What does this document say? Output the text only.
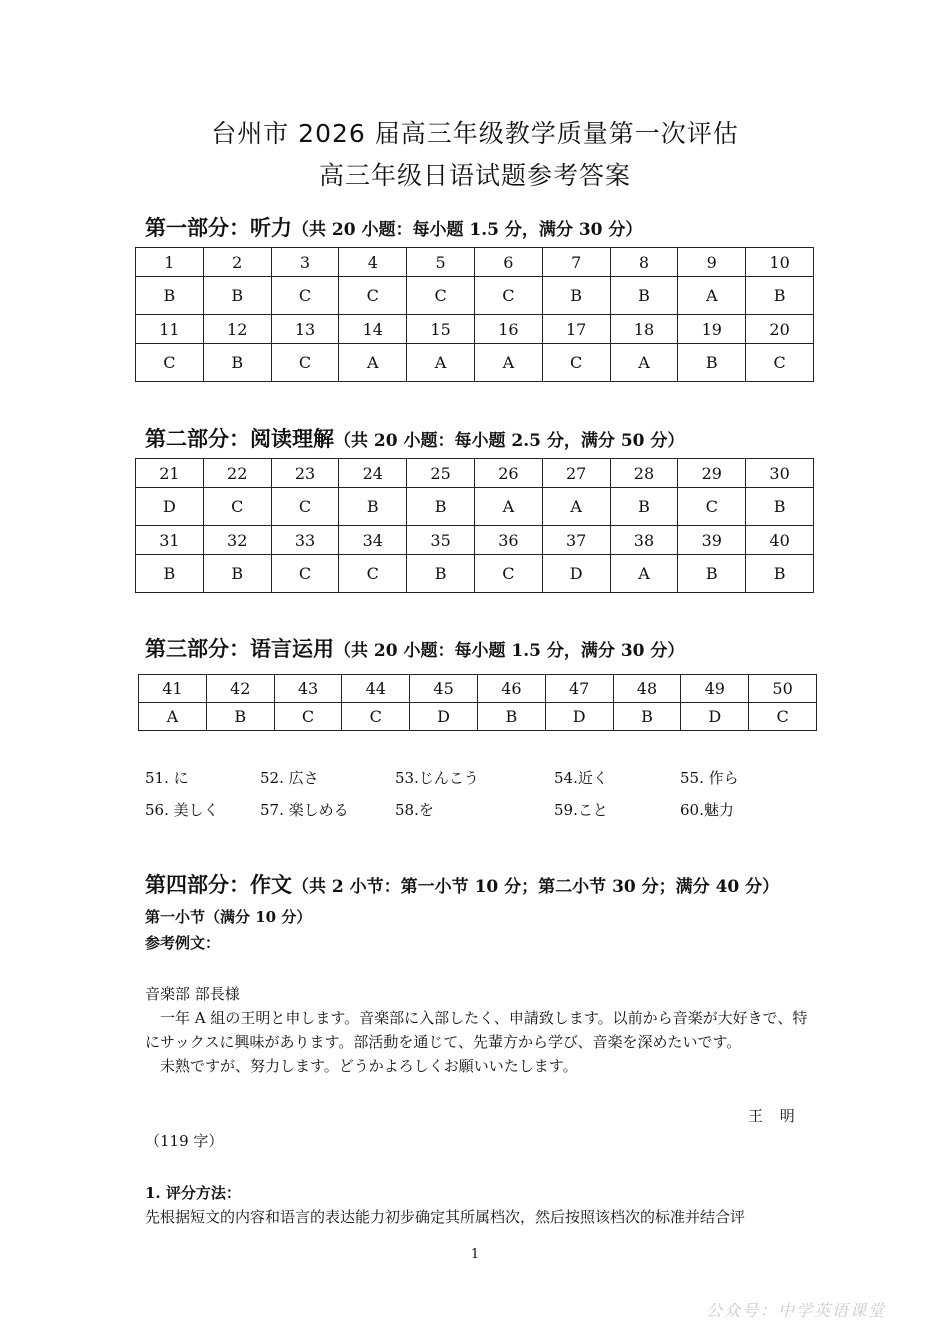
台州市 2026 届高三年级教学质量第一次评估
高三年级日语试题参考答案
第一部分：听力（共 20 小题：每小题 1.5 分，满分 30 分）
1	2	3	4	5	6	7	8	9	10
B	B	C	C	C	C	B	B	A	B
11	12	13	14	15	16	17	18	19	20
C	B	C	A	A	A	C	A	B	C
第二部分：阅读理解（共 20 小题：每小题 2.5 分，满分 50 分）
21	22	23	24	25	26	27	28	29	30
D	C	C	B	B	A	A	B	C	B
31	32	33	34	35	36	37	38	39	40
B	B	C	C	B	C	D	A	B	B
第三部分：语言运用（共 20 小题：每小题 1.5 分，满分 30 分）
41	42	43	44	45	46	47	48	49	50
A	B	C	C	D	B	D	B	D	C
51. に	52. 広さ	53.じんこう	54.近く	55. 作ら
56. 美しく	57. 楽しめる	58.を	59.こと	60.魅力
第四部分：作文（共 2 小节：第一小节 10 分；第二小节 30 分；满分 40 分）
第一小节（满分 10 分）
参考例文：

音楽部 部長様

一年 A 組の王明と申します。音楽部に入部したく、申請致します。以前から音楽が大好きで、特にサックスに興味があります。部活動を通じて、先輩方から学び、音楽を深めたいです。

未熟ですが、努力します。どうかよろしくお願いいたします。

王 明
（119 字）
1. 评分方法：
先根据短文的内容和语言的表达能力初步确定其所属档次，然后按照该档次的标准并结合评
1
公众号：中学英语课堂
